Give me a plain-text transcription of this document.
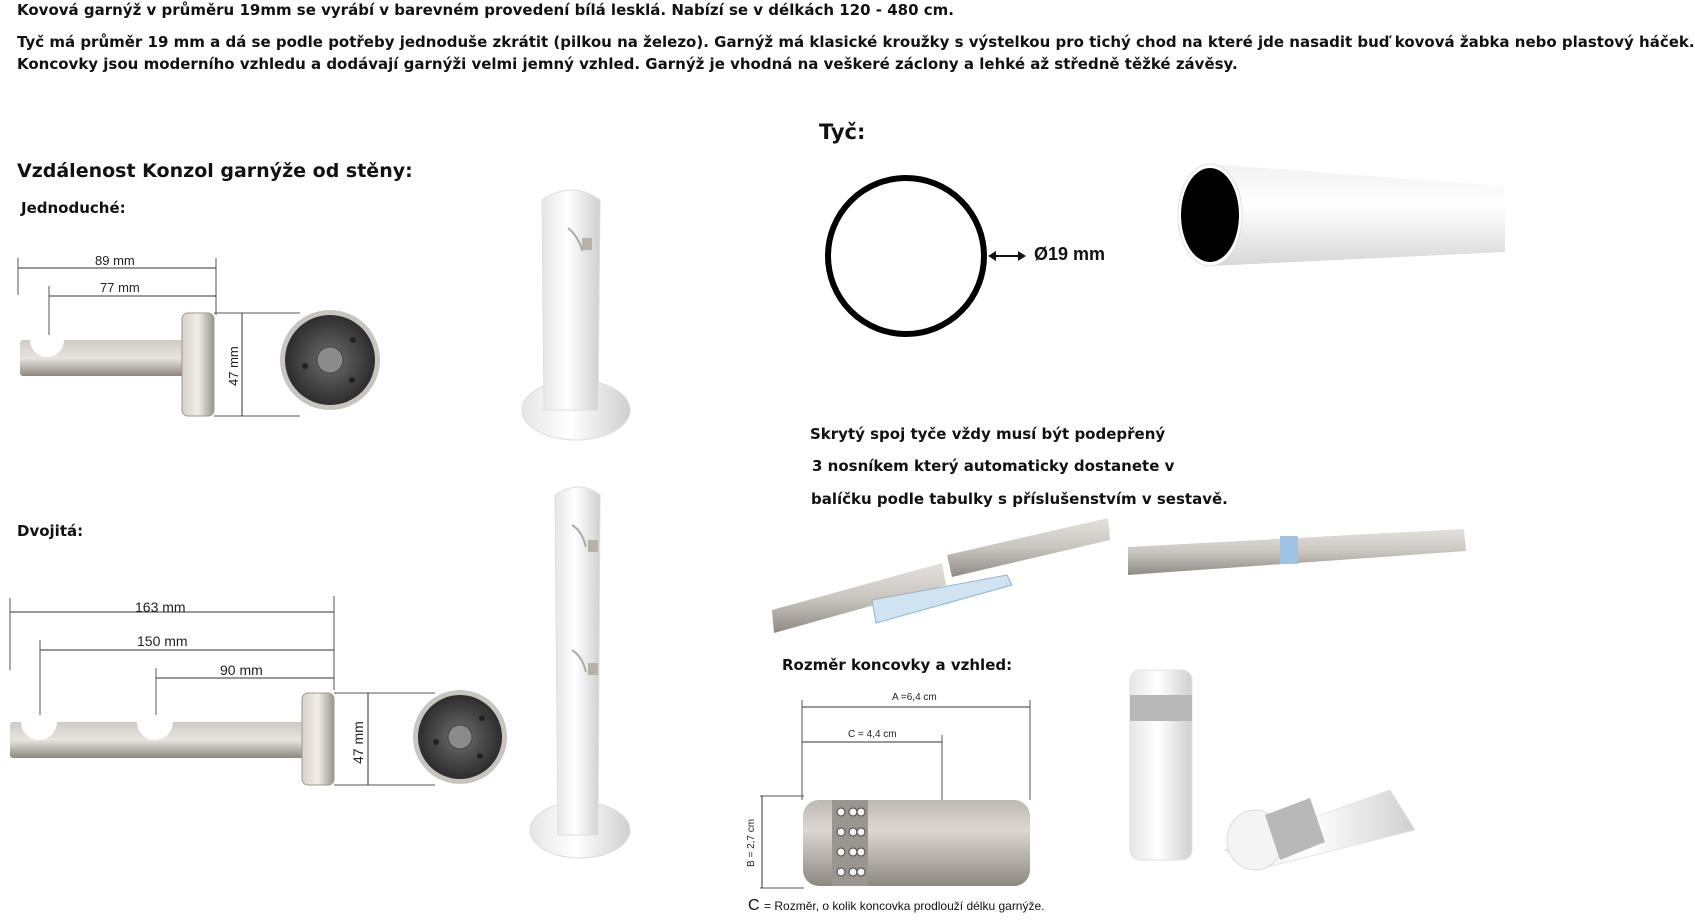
Kovová garnýž v průměru 19mm se vyrábí v barevném provedení bílá lesklá. Nabízí se v délkách 120 - 480 cm.
Tyč má průměr 19 mm a dá se podle potřeby jednoduše zkrátit (pilkou na železo). Garnýž má klasické kroužky s výstelkou pro tichý chod na které jde nasadit buď kovová žabka nebo plastový háček.
Koncovky jsou moderního vzhledu a dodávají garnýži velmi jemný vzhled. Garnýž je vhodná na veškeré záclony a lehké až středně těžké závěsy.
Vzdálenost Konzol garnýže od stěny:
Jednoduché:
Dvojitá:
89 mm
77 mm
47 mm
163 mm
150 mm
90 mm
47 mm
Tyč:
Ø19 mm
Skrytý spoj tyče vždy musí být podepřený
3 nosníkem který automaticky dostanete v
balíčku podle tabulky s příslušenstvím v sestavě.
Rozměr koncovky a vzhled:
A =6,4 cm
C = 4,4 cm
B = 2,7 cm
C = Rozměr, o kolik koncovka prodlouží délku garnýže.
